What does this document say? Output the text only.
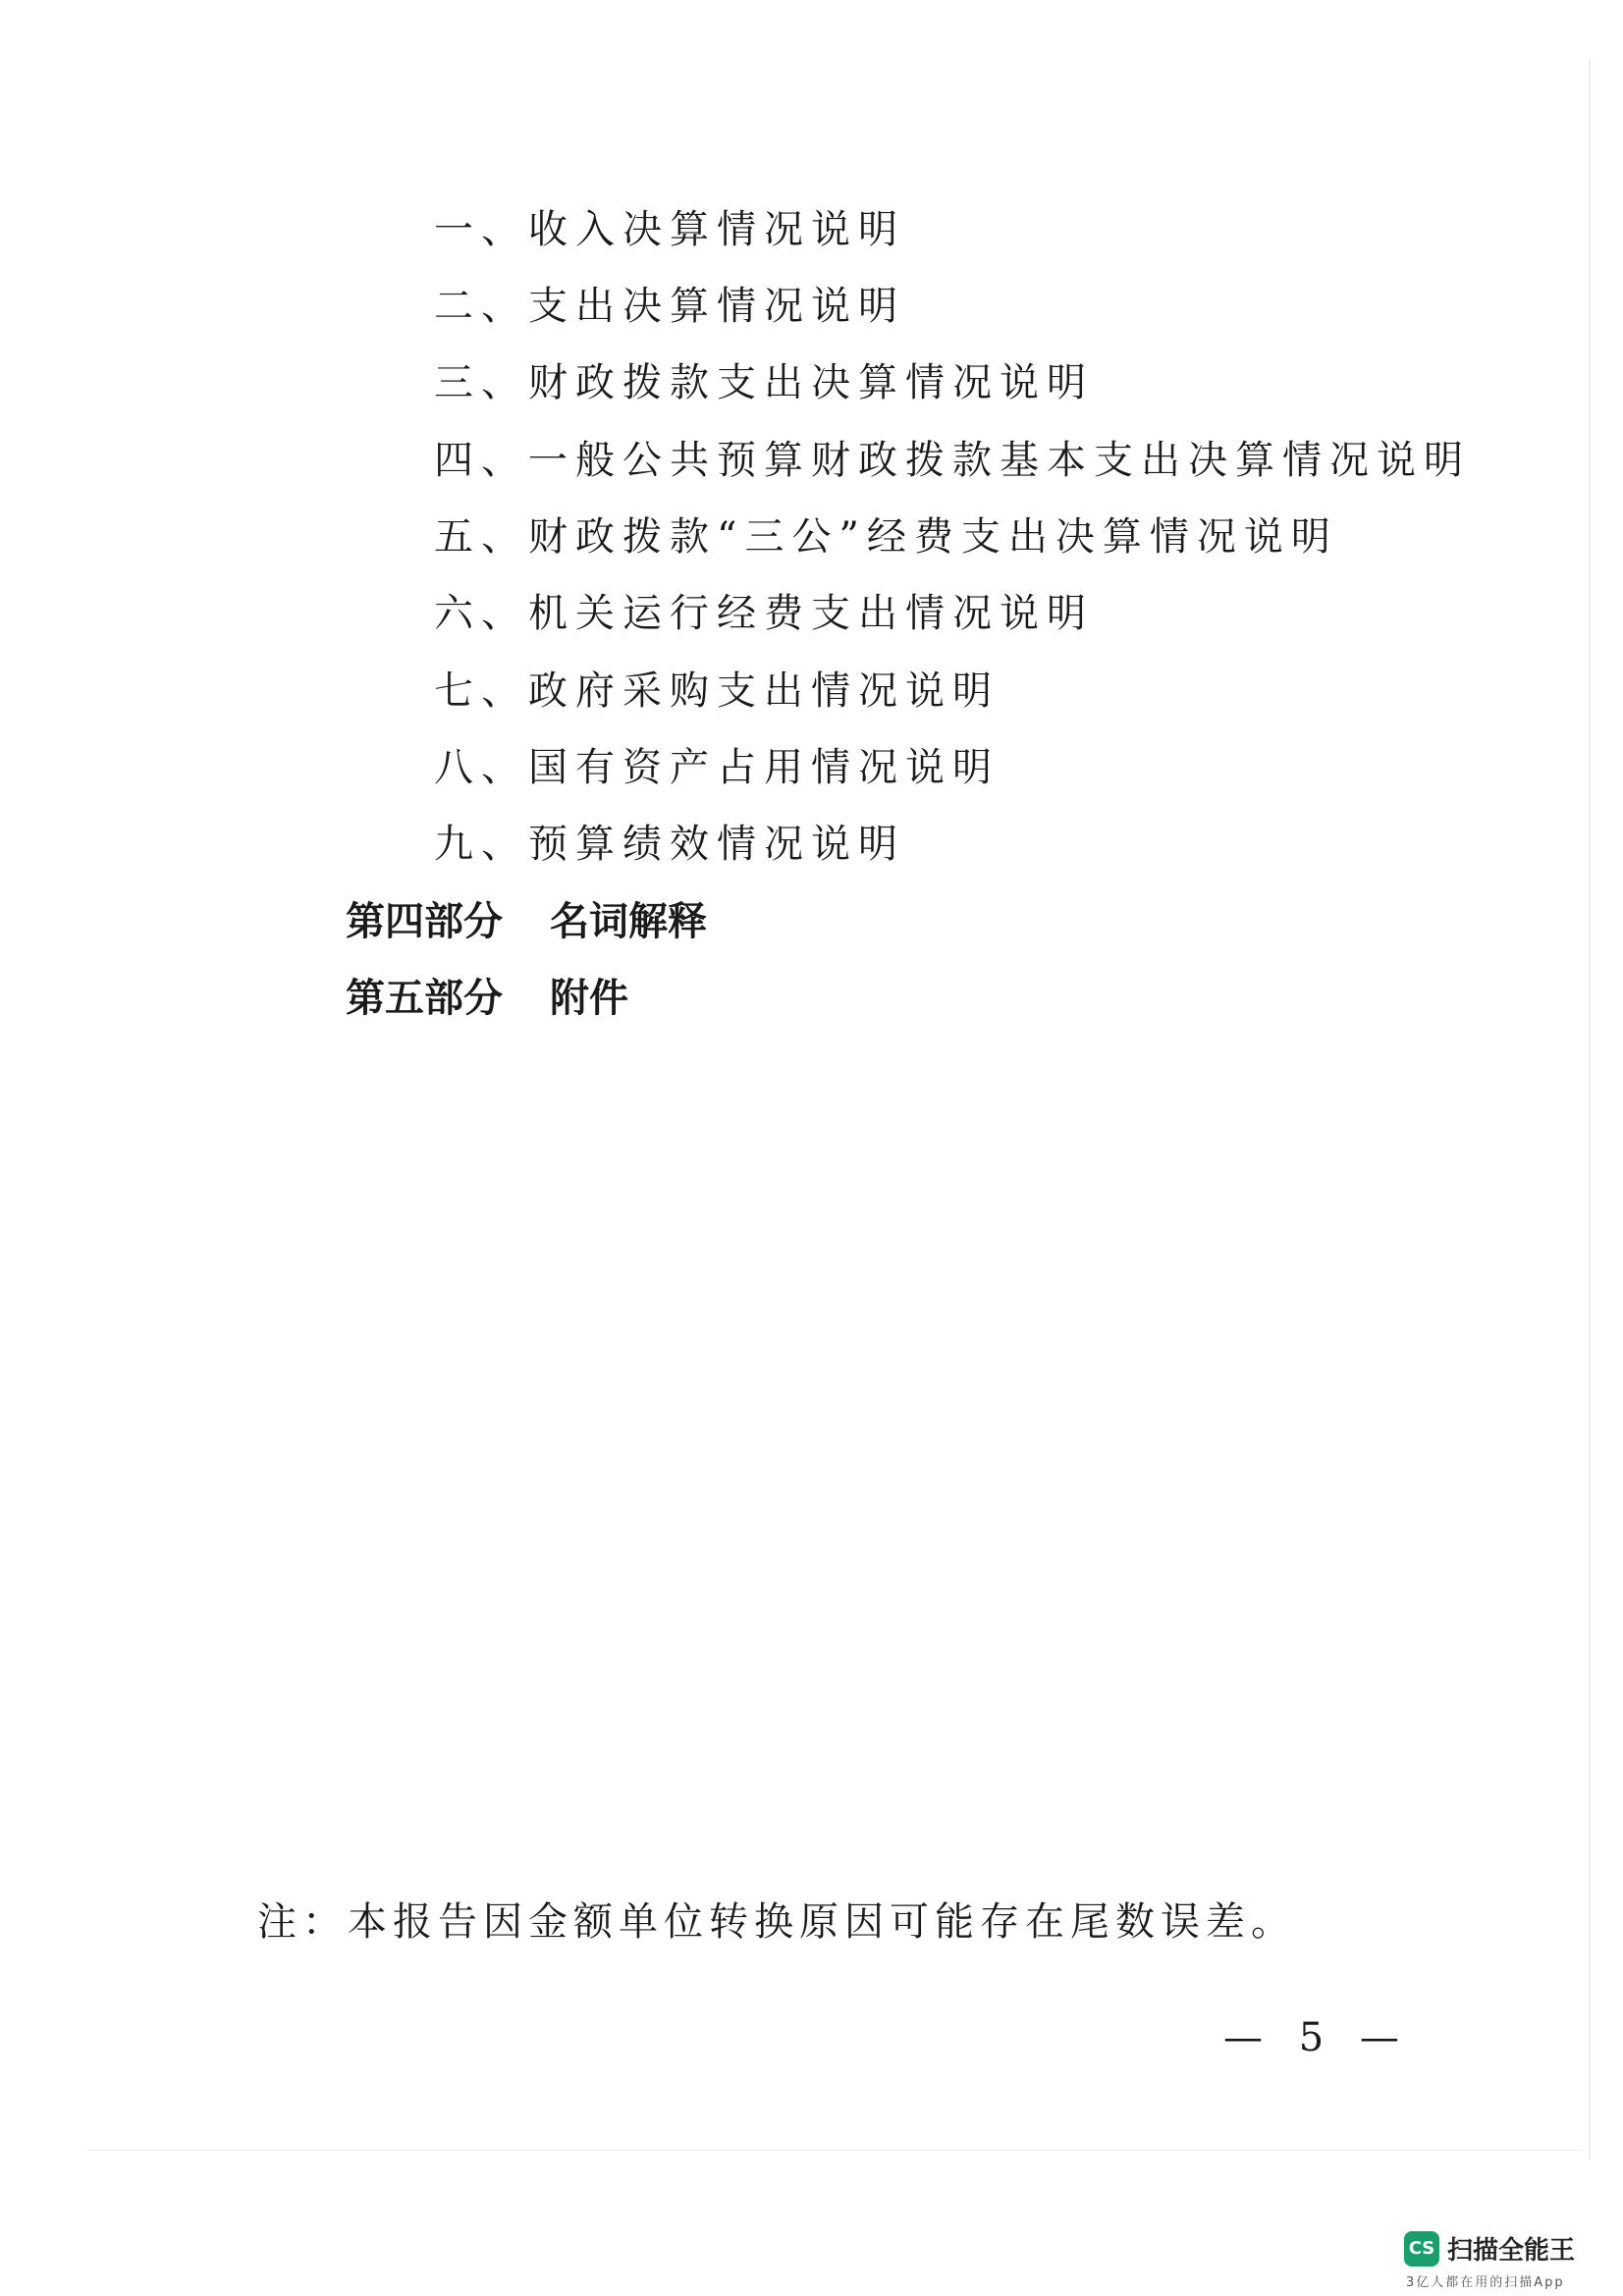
一、收入决算情况说明
二、支出决算情况说明
三、财政拨款支出决算情况说明
四、一般公共预算财政拨款基本支出决算情况说明
五、财政拨款“三公”经费支出决算情况说明
六、机关运行经费支出情况说明
七、政府采购支出情况说明
八、国有资产占用情况说明
九、预算绩效情况说明
第四部分 名词解释
第五部分 附件
注：本报告因金额单位转换原因可能存在尾数误差。
— 5 —
CS 扫描全能王
3亿人都在用的扫描App
